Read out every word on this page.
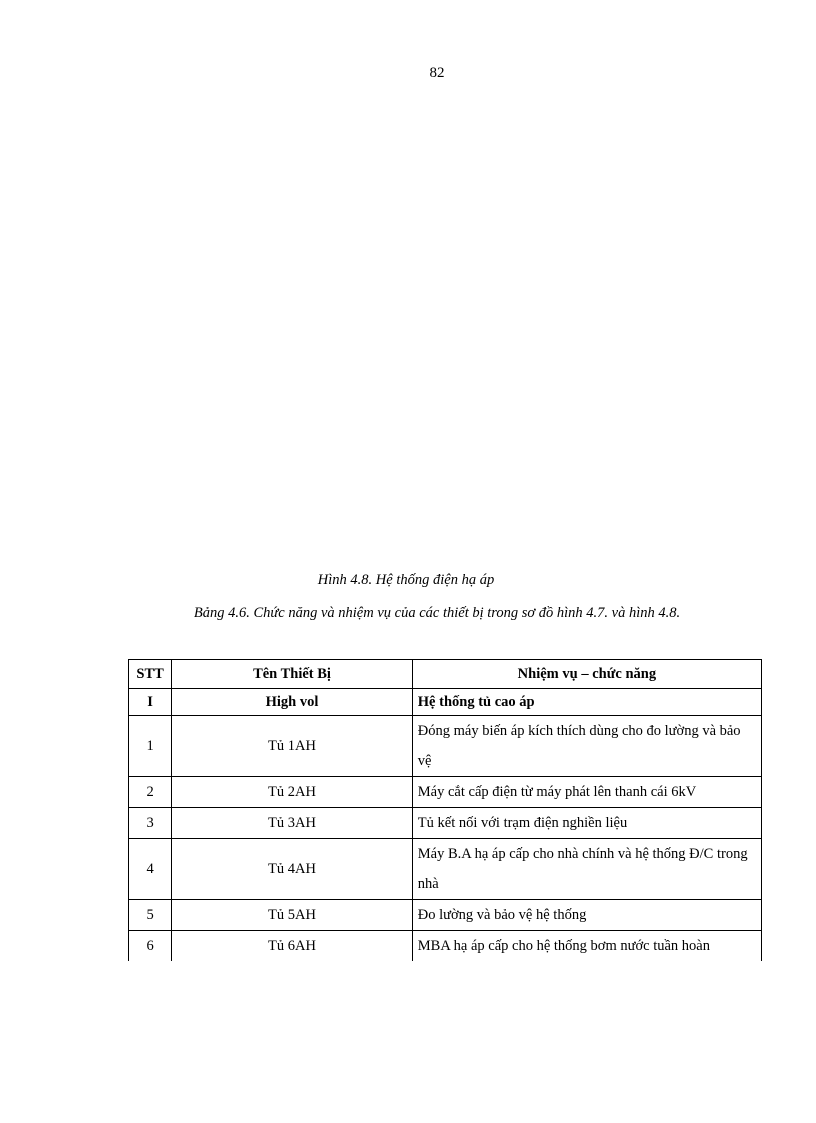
82
Hình 4.8. Hệ thống điện hạ áp
Bảng 4.6. Chức năng và nhiệm vụ của các thiết bị trong sơ đồ hình 4.7. và hình 4.8.
STT	Tên Thiết Bị	Nhiệm vụ – chức năng
I	High vol	Hệ thống tủ cao áp
1	Tủ 1AH	Đóng máy biến áp kích thích dùng cho đo lường và bảo vệ
2	Tủ 2AH	Máy cắt cấp điện từ máy phát lên thanh cái 6kV
3	Tủ 3AH	Tủ kết nối với trạm điện nghiền liệu
4	Tủ 4AH	Máy B.A hạ áp cấp cho nhà chính và hệ thống Đ/C trong nhà
5	Tủ 5AH	Đo lường và bảo vệ hệ thống
6	Tủ 6AH	MBA hạ áp cấp cho hệ thống bơm nước tuần hoàn
